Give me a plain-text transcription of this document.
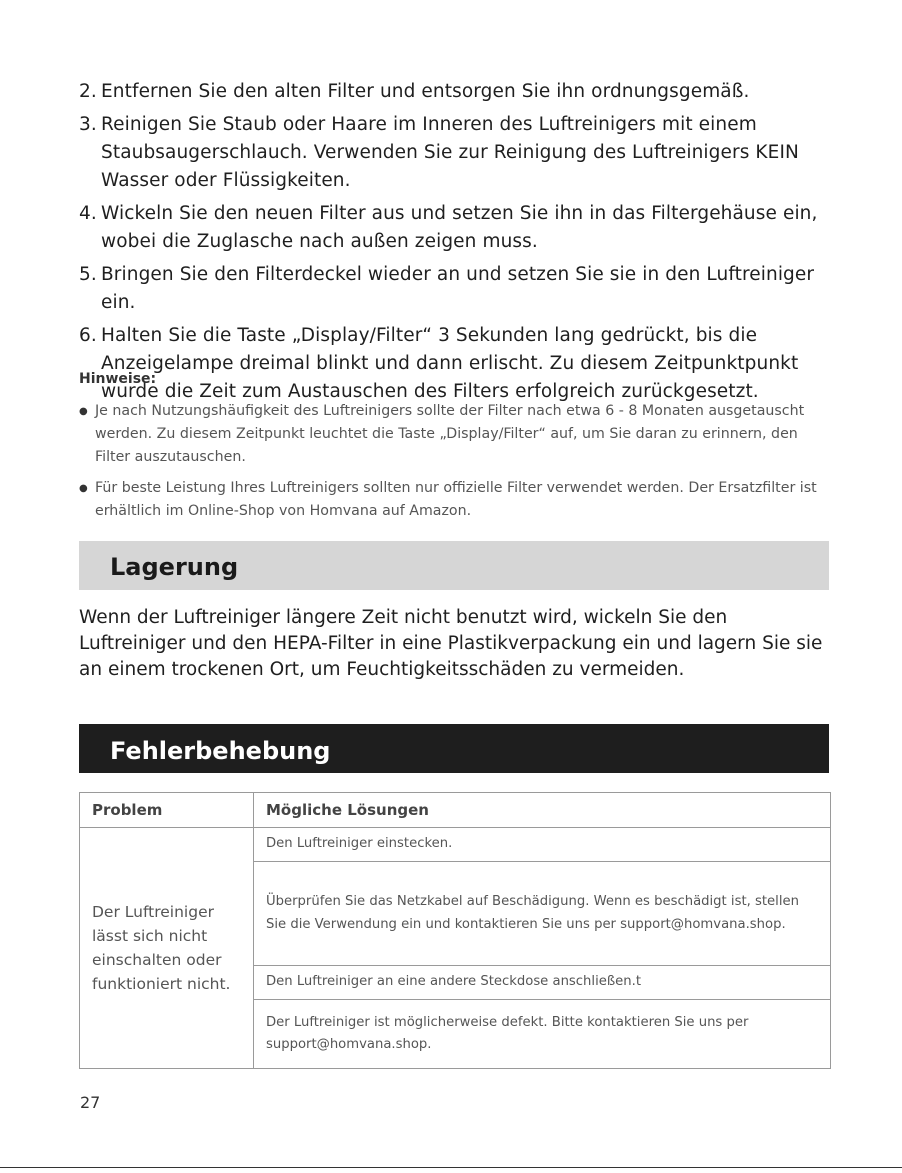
2. Entfernen Sie den alten Filter und entsorgen Sie ihn ordnungsgemäß.
3. Reinigen Sie Staub oder Haare im Inneren des Luftreinigers mit einem Staubsaugerschlauch. Verwenden Sie zur Reinigung des Luftreinigers KEIN Wasser oder Flüssigkeiten.
4. Wickeln Sie den neuen Filter aus und setzen Sie ihn in das Filtergehäuse ein, wobei die Zuglasche nach außen zeigen muss.
5. Bringen Sie den Filterdeckel wieder an und setzen Sie sie in den Luftreiniger ein.
6. Halten Sie die Taste „Display/Filter“ 3 Sekunden lang gedrückt, bis die Anzeigelampe dreimal blinkt und dann erlischt. Zu diesem Zeitpunktpunkt wurde die Zeit zum Austauschen des Filters erfolgreich zurückgesetzt.
Hinweise:
● Je nach Nutzungshäufigkeit des Luftreinigers sollte der Filter nach etwa 6 - 8 Monaten ausgetauscht werden. Zu diesem Zeitpunkt leuchtet die Taste „Display/Filter“ auf, um Sie daran zu erinnern, den Filter auszutauschen.
● Für beste Leistung Ihres Luftreinigers sollten nur offizielle Filter verwendet werden. Der Ersatzfilter ist erhältlich im Online-Shop von Homvana auf Amazon.
Lagerung
Wenn der Luftreiniger längere Zeit nicht benutzt wird, wickeln Sie den Luftreiniger und den HEPA-Filter in eine Plastikverpackung ein und lagern Sie sie an einem trockenen Ort, um Feuchtigkeitsschäden zu vermeiden.
Fehlerbehebung
Problem	Mögliche Lösungen
Der Luftreiniger lässt sich nicht einschalten oder funktioniert nicht.	Den Luftreiniger einstecken.
	Überprüfen Sie das Netzkabel auf Beschädigung. Wenn es beschädigt ist, stellen Sie die Verwendung ein und kontaktieren Sie uns per support@homvana.shop.
	Den Luftreiniger an eine andere Steckdose anschließen.t
	Der Luftreiniger ist möglicherweise defekt. Bitte kontaktieren Sie uns per support@homvana.shop.
27
